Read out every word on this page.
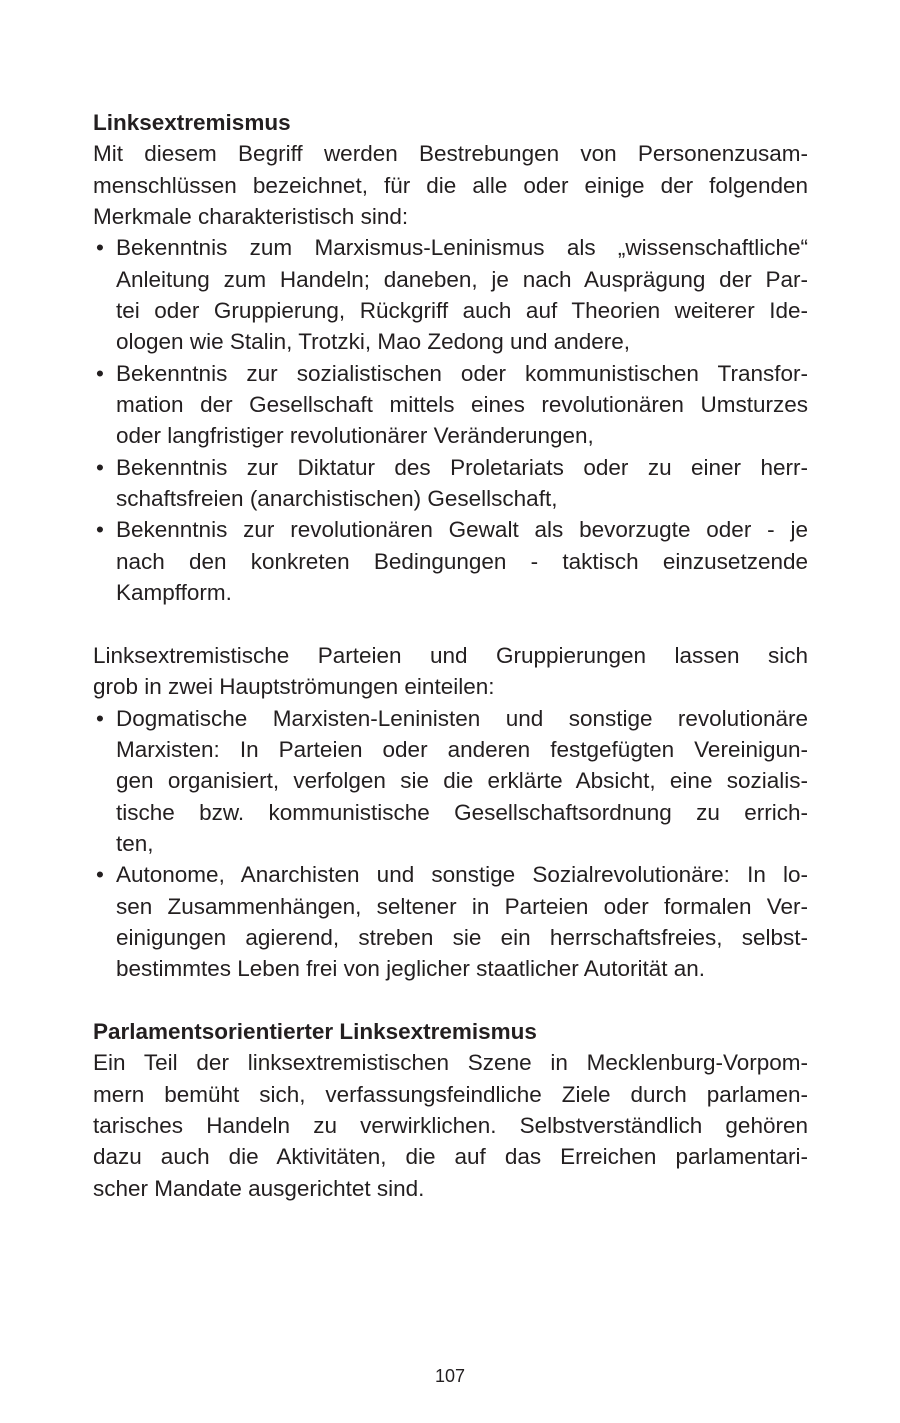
Linksextremismus
Mit diesem Begriff werden Bestrebungen von Personenzusam-
menschlüssen bezeichnet, für die alle oder einige der folgenden
Merkmale charakteristisch sind:
• Bekenntnis zum Marxismus-Leninismus als „wissenschaftliche“
Anleitung zum Handeln; daneben, je nach Ausprägung der Par-
tei oder Gruppierung, Rückgriff auch auf Theorien weiterer Ide-
ologen wie Stalin, Trotzki, Mao Zedong und andere,
• Bekenntnis zur sozialistischen oder kommunistischen Transfor-
mation der Gesellschaft mittels eines revolutionären Umsturzes
oder langfristiger revolutionärer Veränderungen,
• Bekenntnis zur Diktatur des Proletariats oder zu einer herr-
schaftsfreien (anarchistischen) Gesellschaft,
• Bekenntnis zur revolutionären Gewalt als bevorzugte oder - je
nach den konkreten Bedingungen - taktisch einzusetzende
Kampfform.
Linksextremistische Parteien und Gruppierungen lassen sich
grob in zwei Hauptströmungen einteilen:
• Dogmatische Marxisten-Leninisten und sonstige revolutionäre
Marxisten: In Parteien oder anderen festgefügten Vereinigun-
gen organisiert, verfolgen sie die erklärte Absicht, eine sozialis-
tische bzw. kommunistische Gesellschaftsordnung zu errich-
ten,
• Autonome, Anarchisten und sonstige Sozialrevolutionäre: In lo-
sen Zusammenhängen, seltener in Parteien oder formalen Ver-
einigungen agierend, streben sie ein herrschaftsfreies, selbst-
bestimmtes Leben frei von jeglicher staatlicher Autorität an.
Parlamentsorientierter Linksextremismus
Ein Teil der linksextremistischen Szene in Mecklenburg-Vorpom-
mern bemüht sich, verfassungsfeindliche Ziele durch parlamen-
tarisches Handeln zu verwirklichen. Selbstverständlich gehören
dazu auch die Aktivitäten, die auf das Erreichen parlamentari-
scher Mandate ausgerichtet sind.
107
